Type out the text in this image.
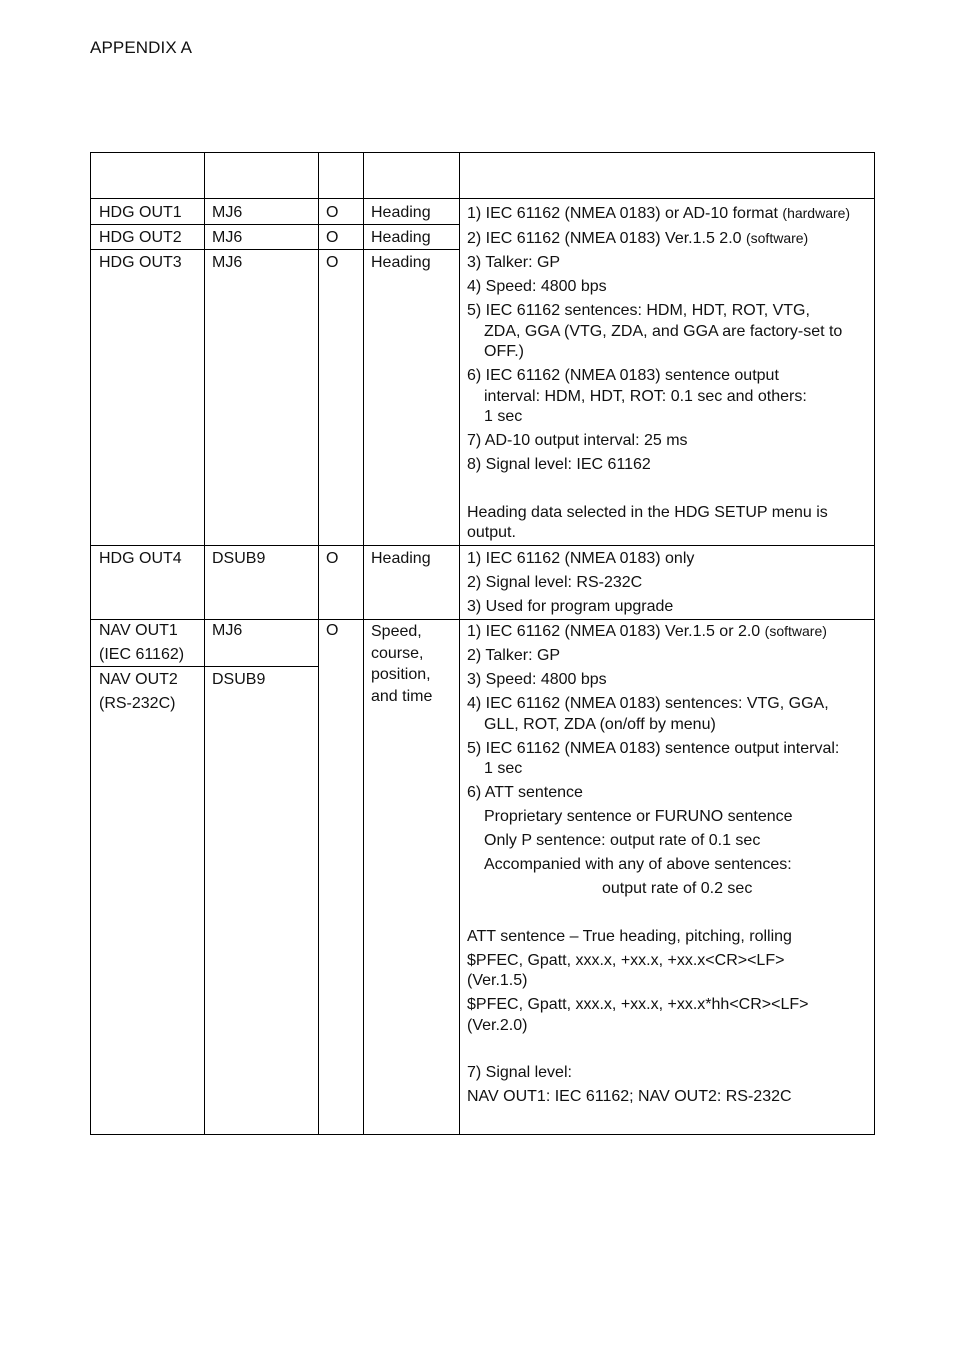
APPENDIX A
HDG OUT1
HDG OUT2
HDG OUT3
MJ6
MJ6
MJ6
O
O
O
Heading
Heading
Heading
1) IEC 61162 (NMEA 0183) or AD-10 format (hardware)
2) IEC 61162 (NMEA 0183) Ver.1.5 2.0 (software)
3) Talker: GP
4) Speed: 4800 bps
5) IEC 61162 sentences: HDM, HDT, ROT, VTG,
ZDA, GGA (VTG, ZDA, and GGA are factory-set to
OFF.)
6) IEC 61162 (NMEA 0183) sentence output
interval: HDM, HDT, ROT: 0.1 sec and others:
1 sec
7) AD-10 output interval: 25 ms
8) Signal level: IEC 61162
Heading data selected in the HDG SETUP menu is
output.
HDG OUT4 DSUB9	O Heading 1) IEC 61162 (NMEA 0183) only
2) Signal level: RS-232C
3) Used for program upgrade
NAV OUT1
(IEC 61162)
NAV OUT2
(RS-232C)
MJ6
DSUB9
O Speed,
course,
position,
and time
1) IEC 61162 (NMEA 0183) Ver.1.5 or 2.0 (software)
2) Talker: GP
3) Speed: 4800 bps
4) IEC 61162 (NMEA 0183) sentences: VTG, GGA,
GLL, ROT, ZDA (on/off by menu)
5) IEC 61162 (NMEA 0183) sentence output interval:
1 sec
6) ATT sentence
Proprietary sentence or FURUNO sentence
Only P sentence: output rate of 0.1 sec
Accompanied with any of above sentences:
output rate of 0.2 sec
ATT sentence – True heading, pitching, rolling
$PFEC, Gpatt, xxx.x, +xx.x, +xx.x<CR><LF>
(Ver.1.5)
$PFEC, Gpatt, xxx.x, +xx.x, +xx.x*hh<CR><LF>
(Ver.2.0)
7) Signal level:
NAV OUT1: IEC 61162; NAV OUT2: RS-232C
